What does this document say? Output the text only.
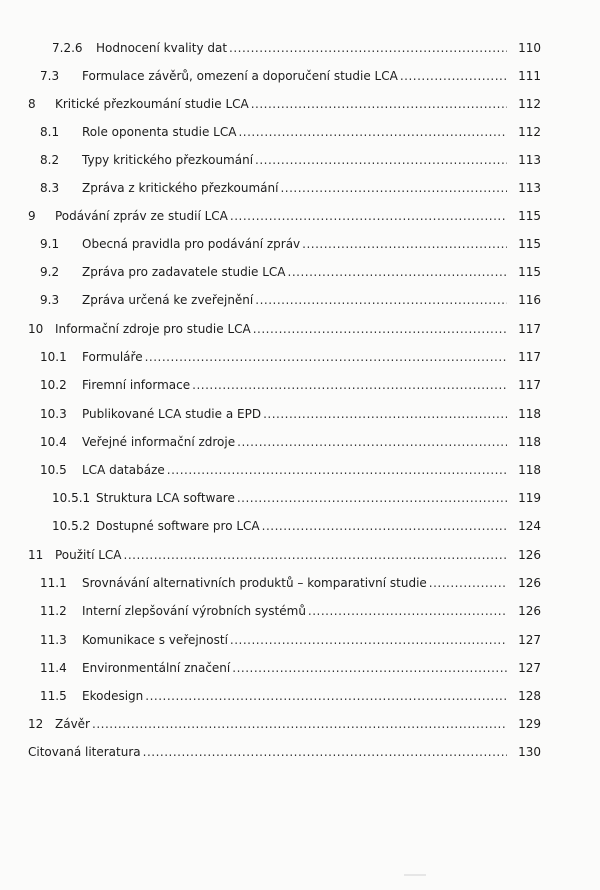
7.2.6 Hodnocení kvality dat .....	110
7.3 Formulace závěrů, omezení a doporučení studie LCA .....	111
8 Kritické přezkoumání studie LCA .....	112
8.1 Role oponenta studie LCA .....	112
8.2 Typy kritického přezkoumání .....	113
8.3 Zpráva z kritického přezkoumání .....	113
9 Podávání zpráv ze studií LCA .....	115
9.1 Obecná pravidla pro podávání zpráv .....	115
9.2 Zpráva pro zadavatele studie LCA .....	115
9.3 Zpráva určená ke zveřejnění .....	116
10 Informační zdroje pro studie LCA .....	117
10.1 Formuláře .....	117
10.2 Firemní informace .....	117
10.3 Publikované LCA studie a EPD .....	118
10.4 Veřejné informační zdroje .....	118
10.5 LCA databáze .....	118
10.5.1 Struktura LCA software .....	119
10.5.2 Dostupné software pro LCA .....	124
11 Použití LCA .....	126
11.1 Srovnávání alternativních produktů – komparativní studie .....	126
11.2 Interní zlepšování výrobních systémů .....	126
11.3 Komunikace s veřejností .....	127
11.4 Environmentální značení .....	127
11.5 Ekodesign .....	128
12 Závěr .....	129
Citovaná literatura .....	130
